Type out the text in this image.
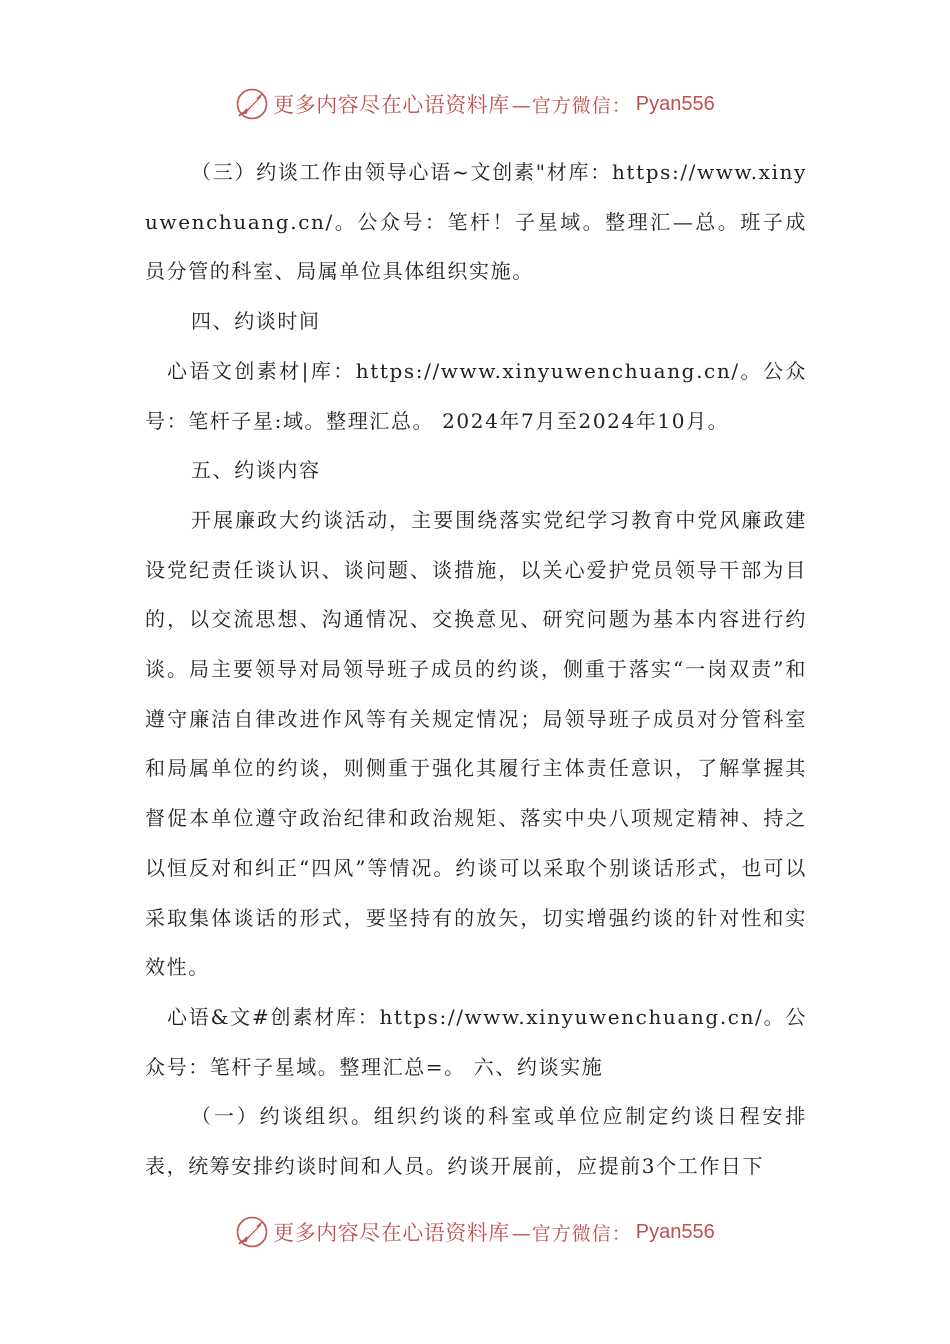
更多内容尽在心语资料库 —官方微信： Pyan556

（三）约谈工作由领导心语~文创素"材库：https://www.xinyuwenchuang.cn/。公众号：笔杆！子星域。整理汇—总。班子成员分管的科室、局属单位具体组织实施。

四、约谈时间

心语文创素材|库：https://www.xinyuwenchuang.cn/。公众号：笔杆子星:域。整理汇总。 2024年7月至2024年10月。

五、约谈内容

开展廉政大约谈活动，主要围绕落实党纪学习教育中党风廉政建设党纪责任谈认识、谈问题、谈措施，以关心爱护党员领导干部为目的，以交流思想、沟通情况、交换意见、研究问题为基本内容进行约谈。局主要领导对局领导班子成员的约谈，侧重于落实“一岗双责”和遵守廉洁自律改进作风等有关规定情况；局领导班子成员对分管科室和局属单位的约谈，则侧重于强化其履行主体责任意识，了解掌握其督促本单位遵守政治纪律和政治规矩、落实中央八项规定精神、持之以恒反对和纠正“四风”等情况。约谈可以采取个别谈话形式，也可以采取集体谈话的形式，要坚持有的放矢，切实增强约谈的针对性和实效性。

心语&文#创素材库：https://www.xinyuwenchuang.cn/。公众号：笔杆子星域。整理汇总=。 六、约谈实施

（一）约谈组织。组织约谈的科室或单位应制定约谈日程安排表，统筹安排约谈时间和人员。约谈开展前，应提前3个工作日下

更多内容尽在心语资料库 —官方微信： Pyan556
